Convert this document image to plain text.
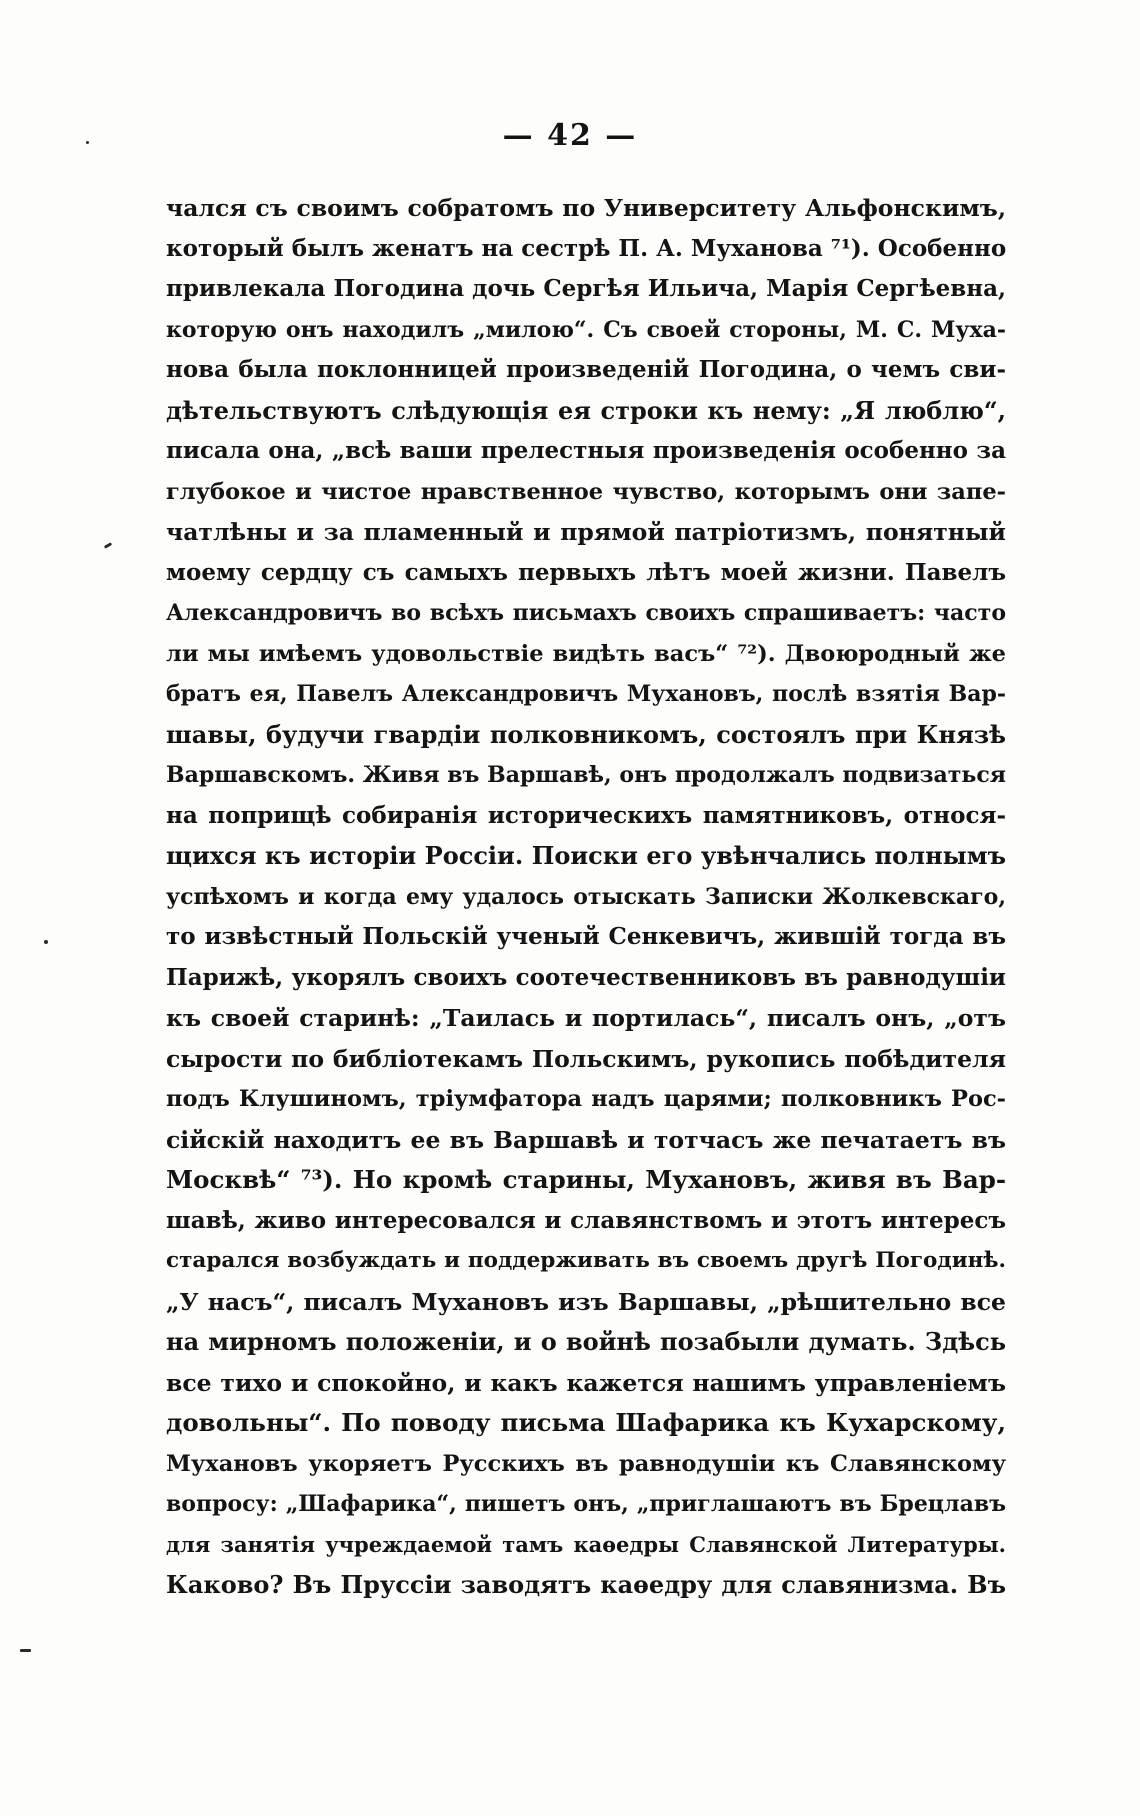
— 42 —
чался съ своимъ собратомъ по Университету Альфонскимъ,
который былъ женатъ на сестрѣ П. А. Муханова ⁷¹). Особенно
привлекала Погодина дочь Сергѣя Ильича, Марія Сергѣевна,
которую онъ находилъ „милою“. Съ своей стороны, М. С. Муха-
нова была поклонницей произведеній Погодина, о чемъ сви-
дѣтельствуютъ слѣдующія ея строки къ нему: „Я люблю“,
писала она, „всѣ ваши прелестныя произведенія особенно за
глубокое и чистое нравственное чувство, которымъ они запе-
чатлѣны и за пламенный и прямой патріотизмъ, понятный
моему сердцу съ самыхъ первыхъ лѣтъ моей жизни. Павелъ
Александровичъ во всѣхъ письмахъ своихъ спрашиваетъ: часто
ли мы имѣемъ удовольствіе видѣть васъ“ ⁷²). Двоюродный же
братъ ея, Павелъ Александровичъ Мухановъ, послѣ взятія Вар-
шавы, будучи гвардіи полковникомъ, состоялъ при Князѣ
Варшавскомъ. Живя въ Варшавѣ, онъ продолжалъ подвизаться
на поприщѣ собиранія историческихъ памятниковъ, относя-
щихся къ исторіи Россіи. Поиски его увѣнчались полнымъ
успѣхомъ и когда ему удалось отыскать Записки Жолкевскаго,
то извѣстный Польскій ученый Сенкевичъ, жившій тогда въ
Парижѣ, укорялъ своихъ соотечественниковъ въ равнодушіи
къ своей старинѣ: „Таилась и портилась“, писалъ онъ, „отъ
сырости по библіотекамъ Польскимъ, рукопись побѣдителя
подъ Клушиномъ, тріумфатора надъ царями; полковникъ Рос-
сійскій находитъ ее въ Варшавѣ и тотчасъ же печатаетъ въ
Москвѣ“ ⁷³). Но кромѣ старины, Мухановъ, живя въ Вар-
шавѣ, живо интересовался и славянствомъ и этотъ интересъ
старался возбуждать и поддерживать въ своемъ другѣ Погодинѣ.
„У насъ“, писалъ Мухановъ изъ Варшавы, „рѣшительно все
на мирномъ положеніи, и о войнѣ позабыли думать. Здѣсь
все тихо и спокойно, и какъ кажется нашимъ управленіемъ
довольны“. По поводу письма Шафарика къ Кухарскому,
Мухановъ укоряетъ Русскихъ въ равнодушіи къ Славянскому
вопросу: „Шафарика“, пишетъ онъ, „приглашаютъ въ Брецлавъ
для занятія учреждаемой тамъ каѳедры Славянской Литературы.
Каково? Въ Пруссіи заводятъ каѳедру для славянизма. Въ
